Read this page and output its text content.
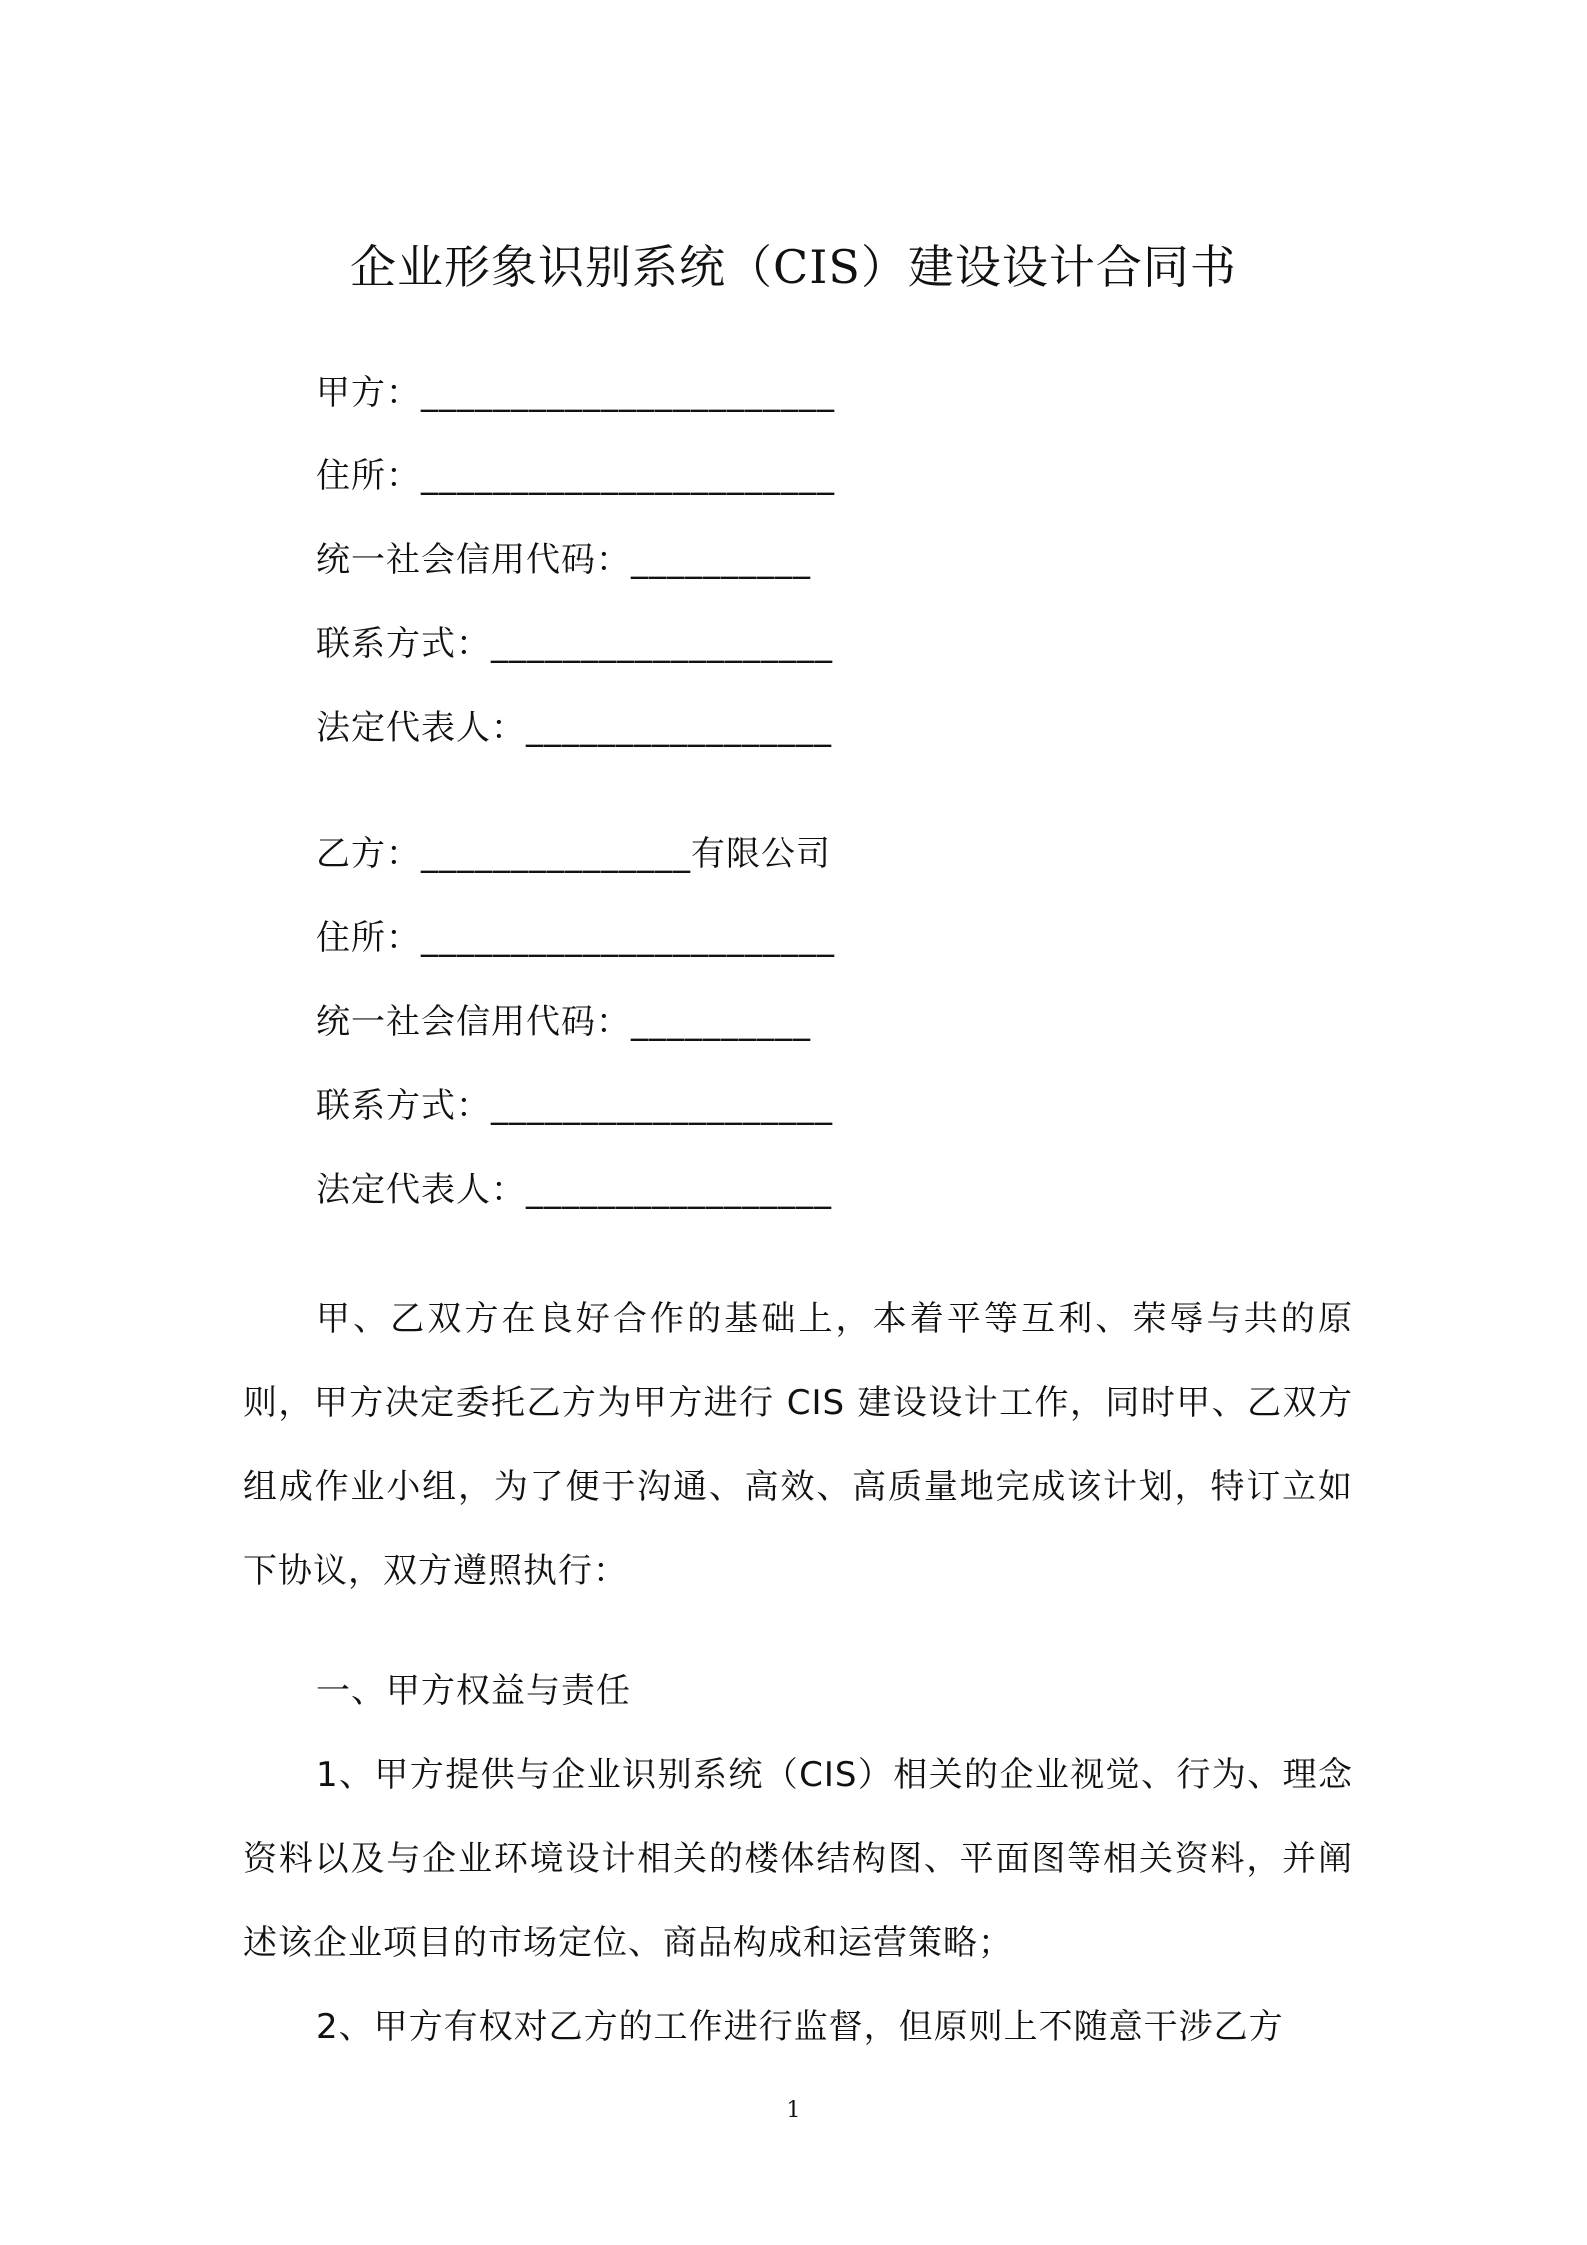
企业形象识别系统（CIS）建设设计合同书
甲方：_______________________
住所：_______________________
统一社会信用代码：__________
联系方式：___________________
法定代表人：_________________
乙方：_______________有限公司
住所：_______________________
统一社会信用代码：__________
联系方式：___________________
法定代表人：_________________
甲、乙双方在良好合作的基础上，本着平等互利、荣辱与共的原则，甲方决定委托乙方为甲方进行 CIS 建设设计工作，同时甲、乙双方组成作业小组，为了便于沟通、高效、高质量地完成该计划，特订立如下协议，双方遵照执行：
一、甲方权益与责任
1、甲方提供与企业识别系统（CIS）相关的企业视觉、行为、理念资料以及与企业环境设计相关的楼体结构图、平面图等相关资料，并阐述该企业项目的市场定位、商品构成和运营策略；
2、甲方有权对乙方的工作进行监督，但原则上不随意干涉乙方
1
